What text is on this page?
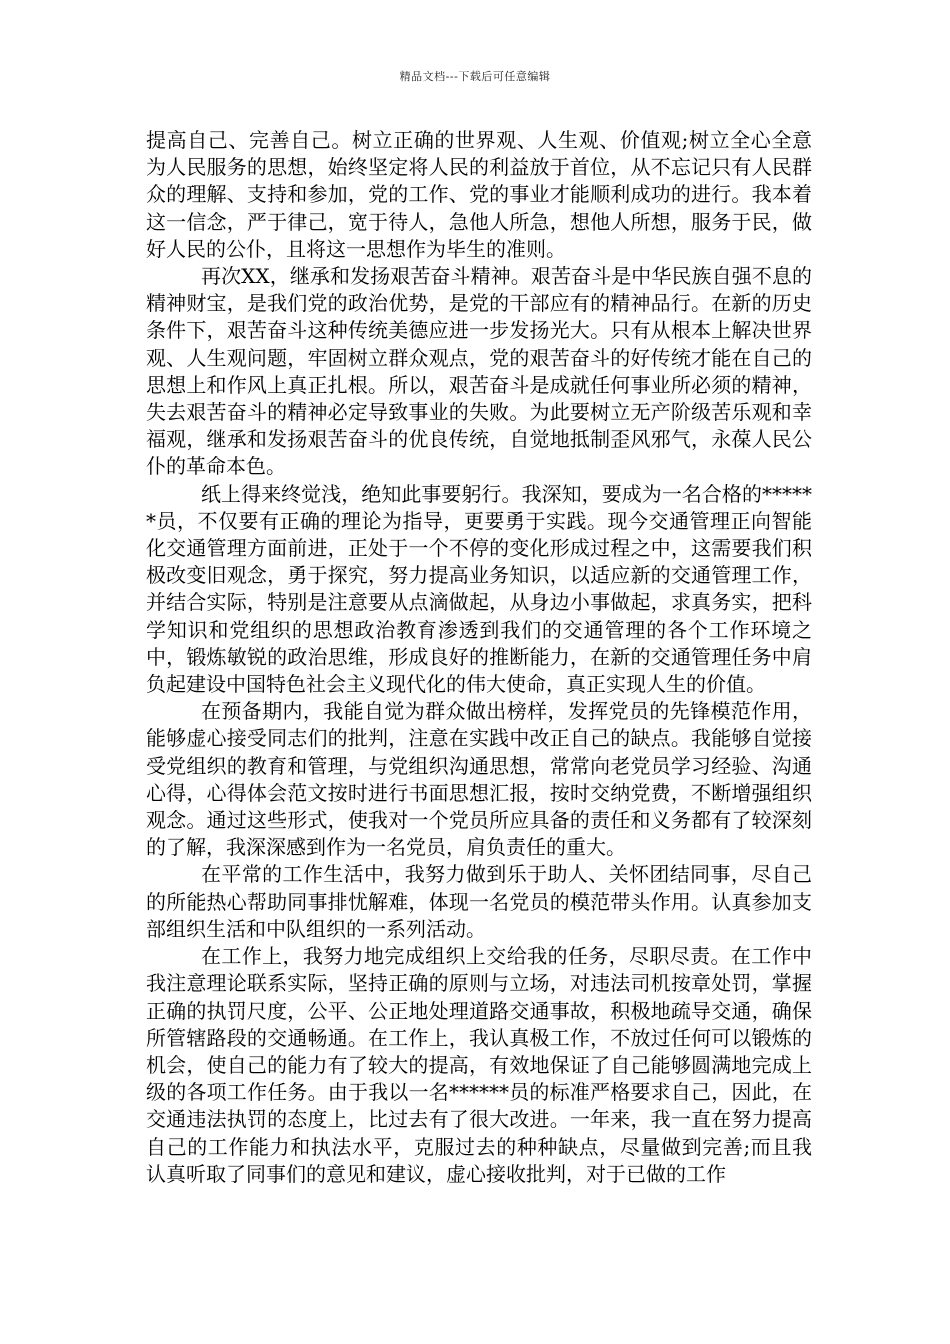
精品文档---下载后可任意编辑

提高自己、完善自己。树立正确的世界观、人生观、价值观;树立全心全意为人民服务的思想，始终坚定将人民的利益放于首位，从不忘记只有人民群众的理解、支持和参加，党的工作、党的事业才能顺利成功的进行。我本着这一信念，严于律己，宽于待人，急他人所急，想他人所想，服务于民，做好人民的公仆，且将这一思想作为毕生的准则。

再次XX，继承和发扬艰苦奋斗精神。艰苦奋斗是中华民族自强不息的精神财宝，是我们党的政治优势，是党的干部应有的精神品行。在新的历史条件下，艰苦奋斗这种传统美德应进一步发扬光大。只有从根本上解决世界观、人生观问题，牢固树立群众观点，党的艰苦奋斗的好传统才能在自己的思想上和作风上真正扎根。所以，艰苦奋斗是成就任何事业所必须的精神，失去艰苦奋斗的精神必定导致事业的失败。为此要树立无产阶级苦乐观和幸福观，继承和发扬艰苦奋斗的优良传统，自觉地抵制歪风邪气，永葆人民公仆的革命本色。

纸上得来终觉浅，绝知此事要躬行。我深知，要成为一名合格的******员，不仅要有正确的理论为指导，更要勇于实践。现今交通管理正向智能化交通管理方面前进，正处于一个不停的变化形成过程之中，这需要我们积极改变旧观念，勇于探究，努力提高业务知识，以适应新的交通管理工作，并结合实际，特别是注意要从点滴做起，从身边小事做起，求真务实，把科学知识和党组织的思想政治教育渗透到我们的交通管理的各个工作环境之中，锻炼敏锐的政治思维，形成良好的推断能力，在新的交通管理任务中肩负起建设中国特色社会主义现代化的伟大使命，真正实现人生的价值。

在预备期内，我能自觉为群众做出榜样，发挥党员的先锋模范作用，能够虚心接受同志们的批判，注意在实践中改正自己的缺点。我能够自觉接受党组织的教育和管理，与党组织沟通思想，常常向老党员学习经验、沟通心得，心得体会范文按时进行书面思想汇报，按时交纳党费，不断增强组织观念。通过这些形式，使我对一个党员所应具备的责任和义务都有了较深刻的了解，我深深感到作为一名党员，肩负责任的重大。

在平常的工作生活中，我努力做到乐于助人、关怀团结同事，尽自己的所能热心帮助同事排忧解难，体现一名党员的模范带头作用。认真参加支部组织生活和中队组织的一系列活动。

在工作上，我努力地完成组织上交给我的任务，尽职尽责。在工作中我注意理论联系实际，坚持正确的原则与立场，对违法司机按章处罚，掌握正确的执罚尺度，公平、公正地处理道路交通事故，积极地疏导交通，确保所管辖路段的交通畅通。在工作上，我认真极工作，不放过任何可以锻炼的机会，使自己的能力有了较大的提高，有效地保证了自己能够圆满地完成上级的各项工作任务。由于我以一名******员的标准严格要求自己，因此，在交通违法执罚的态度上，比过去有了很大改进。一年来，我一直在努力提高自己的工作能力和执法水平，克服过去的种种缺点，尽量做到完善;而且我认真听取了同事们的意见和建议，虚心接收批判，对于已做的工作
